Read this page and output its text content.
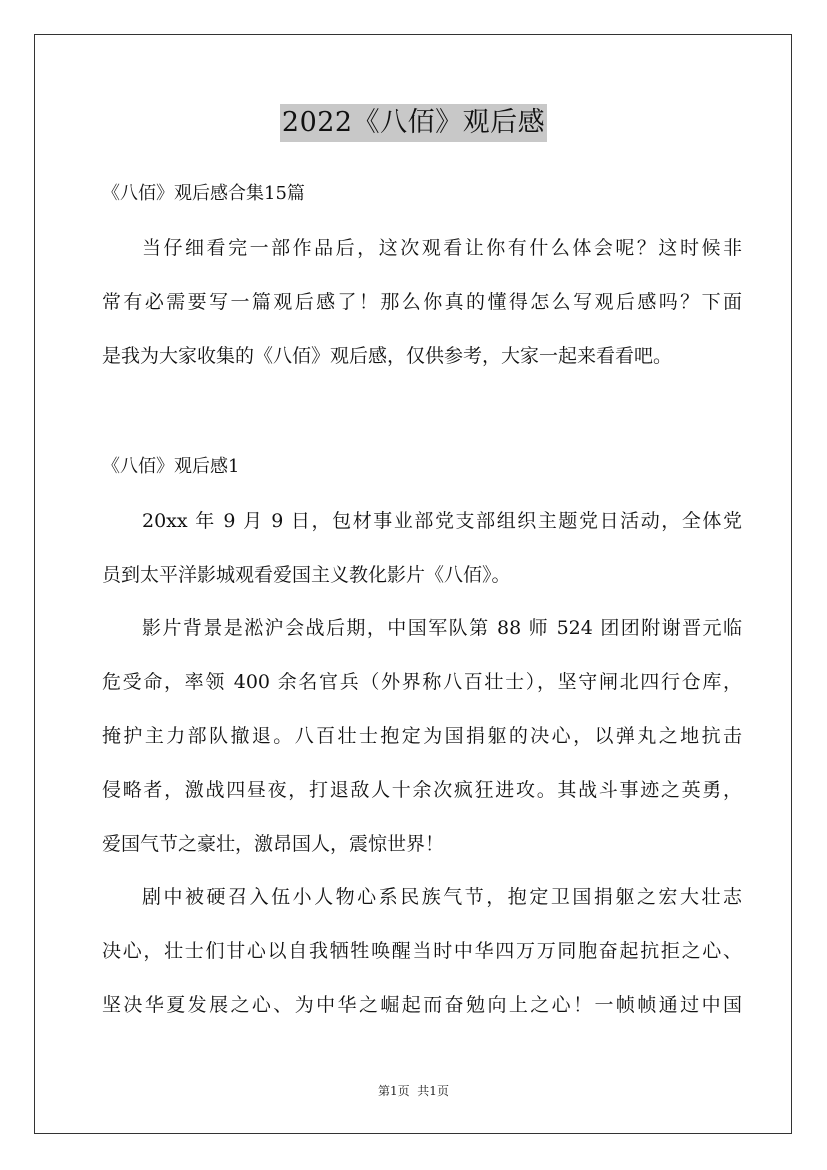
2022《八佰》观后感
《八佰》观后感合集15篇
当仔细看完一部作品后，这次观看让你有什么体会呢？这时候非
常有必需要写一篇观后感了！那么你真的懂得怎么写观后感吗？下面
是我为大家收集的《八佰》观后感，仅供参考，大家一起来看看吧。
《八佰》观后感1
20xx 年 9 月 9 日，包材事业部党支部组织主题党日活动，全体党
员到太平洋影城观看爱国主义教化影片《八佰》。
影片背景是淞沪会战后期，中国军队第 88 师 524 团团附谢晋元临
危受命，率领 400 余名官兵（外界称八百壮士），坚守闸北四行仓库，
掩护主力部队撤退。八百壮士抱定为国捐躯的决心，以弹丸之地抗击
侵略者，激战四昼夜，打退敌人十余次疯狂进攻。其战斗事迹之英勇，
爱国气节之豪壮，激昂国人，震惊世界！
剧中被硬召入伍小人物心系民族气节，抱定卫国捐躯之宏大壮志
决心，壮士们甘心以自我牺牲唤醒当时中华四万万同胞奋起抗拒之心、
坚决华夏发展之心、为中华之崛起而奋勉向上之心！一帧帧通过中国
第1页  共1页
